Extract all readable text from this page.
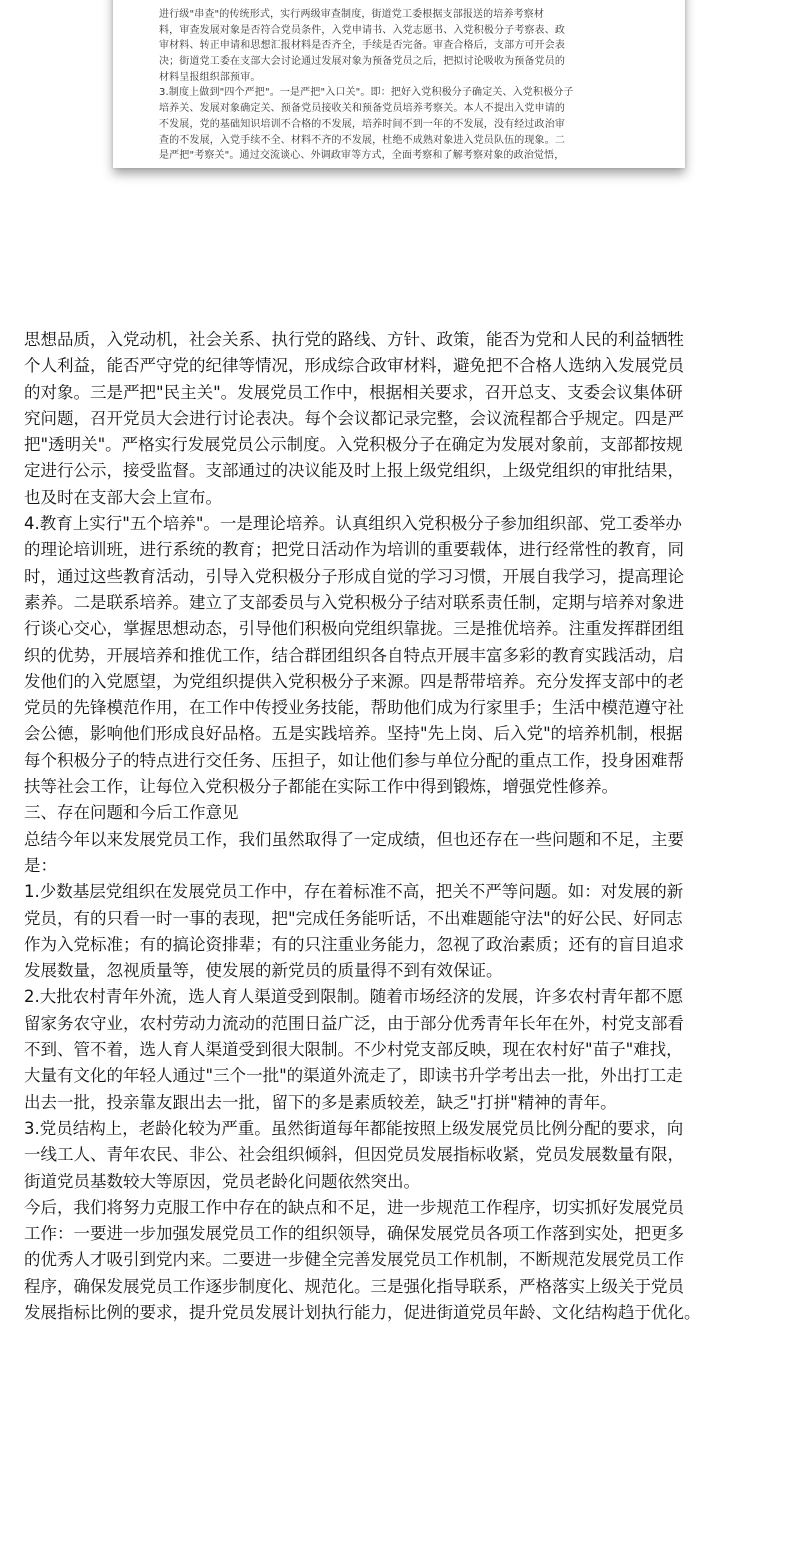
进行级"串查"的传统形式，实行两级审查制度，街道党工委根据支部报送的培养考察材
料，审查发展对象是否符合党员条件，入党申请书、入党志愿书、入党积极分子考察表、政
审材料、转正申请和思想汇报材料是否齐全，手续是否完备。审查合格后，支部方可开会表
决；街道党工委在支部大会讨论通过发展对象为预备党员之后，把拟讨论吸收为预备党员的
材料呈报组织部预审。
3.制度上做到"四个严把"。一是严把"入口关"。即：把好入党积极分子确定关、入党积极分子
培养关、发展对象确定关、预备党员接收关和预备党员培养考察关。本人不提出入党申请的
不发展，党的基础知识培训不合格的不发展，培养时间不到一年的不发展，没有经过政治审
查的不发展，入党手续不全、材料不齐的不发展，杜绝不成熟对象进入党员队伍的现象。二
是严把"考察关"。通过交流谈心、外调政审等方式，全面考察和了解考察对象的政治觉悟，

思想品质，入党动机，社会关系、执行党的路线、方针、政策，能否为党和人民的利益牺牲
个人利益，能否严守党的纪律等情况，形成综合政审材料，避免把不合格人选纳入发展党员
的对象。三是严把"民主关"。发展党员工作中，根据相关要求，召开总支、支委会议集体研
究问题，召开党员大会进行讨论表决。每个会议都记录完整，会议流程都合乎规定。四是严
把"透明关"。严格实行发展党员公示制度。入党积极分子在确定为发展对象前，支部都按规
定进行公示，接受监督。支部通过的决议能及时上报上级党组织，上级党组织的审批结果，
也及时在支部大会上宣布。
4.教育上实行"五个培养"。一是理论培养。认真组织入党积极分子参加组织部、党工委举办
的理论培训班，进行系统的教育；把党日活动作为培训的重要载体，进行经常性的教育，同
时，通过这些教育活动，引导入党积极分子形成自觉的学习习惯，开展自我学习，提高理论
素养。二是联系培养。建立了支部委员与入党积极分子结对联系责任制，定期与培养对象进
行谈心交心，掌握思想动态，引导他们积极向党组织靠拢。三是推优培养。注重发挥群团组
织的优势，开展培养和推优工作，结合群团组织各自特点开展丰富多彩的教育实践活动，启
发他们的入党愿望，为党组织提供入党积极分子来源。四是帮带培养。充分发挥支部中的老
党员的先锋模范作用，在工作中传授业务技能，帮助他们成为行家里手；生活中模范遵守社
会公德，影响他们形成良好品格。五是实践培养。坚持"先上岗、后入党"的培养机制，根据
每个积极分子的特点进行交任务、压担子，如让他们参与单位分配的重点工作，投身困难帮
扶等社会工作，让每位入党积极分子都能在实际工作中得到锻炼，增强党性修养。
三、存在问题和今后工作意见
总结今年以来发展党员工作，我们虽然取得了一定成绩，但也还存在一些问题和不足，主要
是：
1.少数基层党组织在发展党员工作中，存在着标准不高，把关不严等问题。如：对发展的新
党员，有的只看一时一事的表现，把"完成任务能听话，不出难题能守法"的好公民、好同志
作为入党标准；有的搞论资排辈；有的只注重业务能力，忽视了政治素质；还有的盲目追求
发展数量，忽视质量等，使发展的新党员的质量得不到有效保证。
2.大批农村青年外流，选人育人渠道受到限制。随着市场经济的发展，许多农村青年都不愿
留家务农守业，农村劳动力流动的范围日益广泛，由于部分优秀青年长年在外，村党支部看
不到、管不着，选人育人渠道受到很大限制。不少村党支部反映，现在农村好"苗子"难找，
大量有文化的年轻人通过"三个一批"的渠道外流走了，即读书升学考出去一批，外出打工走
出去一批，投亲靠友跟出去一批，留下的多是素质较差，缺乏"打拼"精神的青年。
3.党员结构上，老龄化较为严重。虽然街道每年都能按照上级发展党员比例分配的要求，向
一线工人、青年农民、非公、社会组织倾斜，但因党员发展指标收紧，党员发展数量有限，
街道党员基数较大等原因，党员老龄化问题依然突出。
今后，我们将努力克服工作中存在的缺点和不足，进一步规范工作程序，切实抓好发展党员
工作：一要进一步加强发展党员工作的组织领导，确保发展党员各项工作落到实处，把更多
的优秀人才吸引到党内来。二要进一步健全完善发展党员工作机制，不断规范发展党员工作
程序，确保发展党员工作逐步制度化、规范化。三是强化指导联系，严格落实上级关于党员
发展指标比例的要求，提升党员发展计划执行能力，促进街道党员年龄、文化结构趋于优化。
